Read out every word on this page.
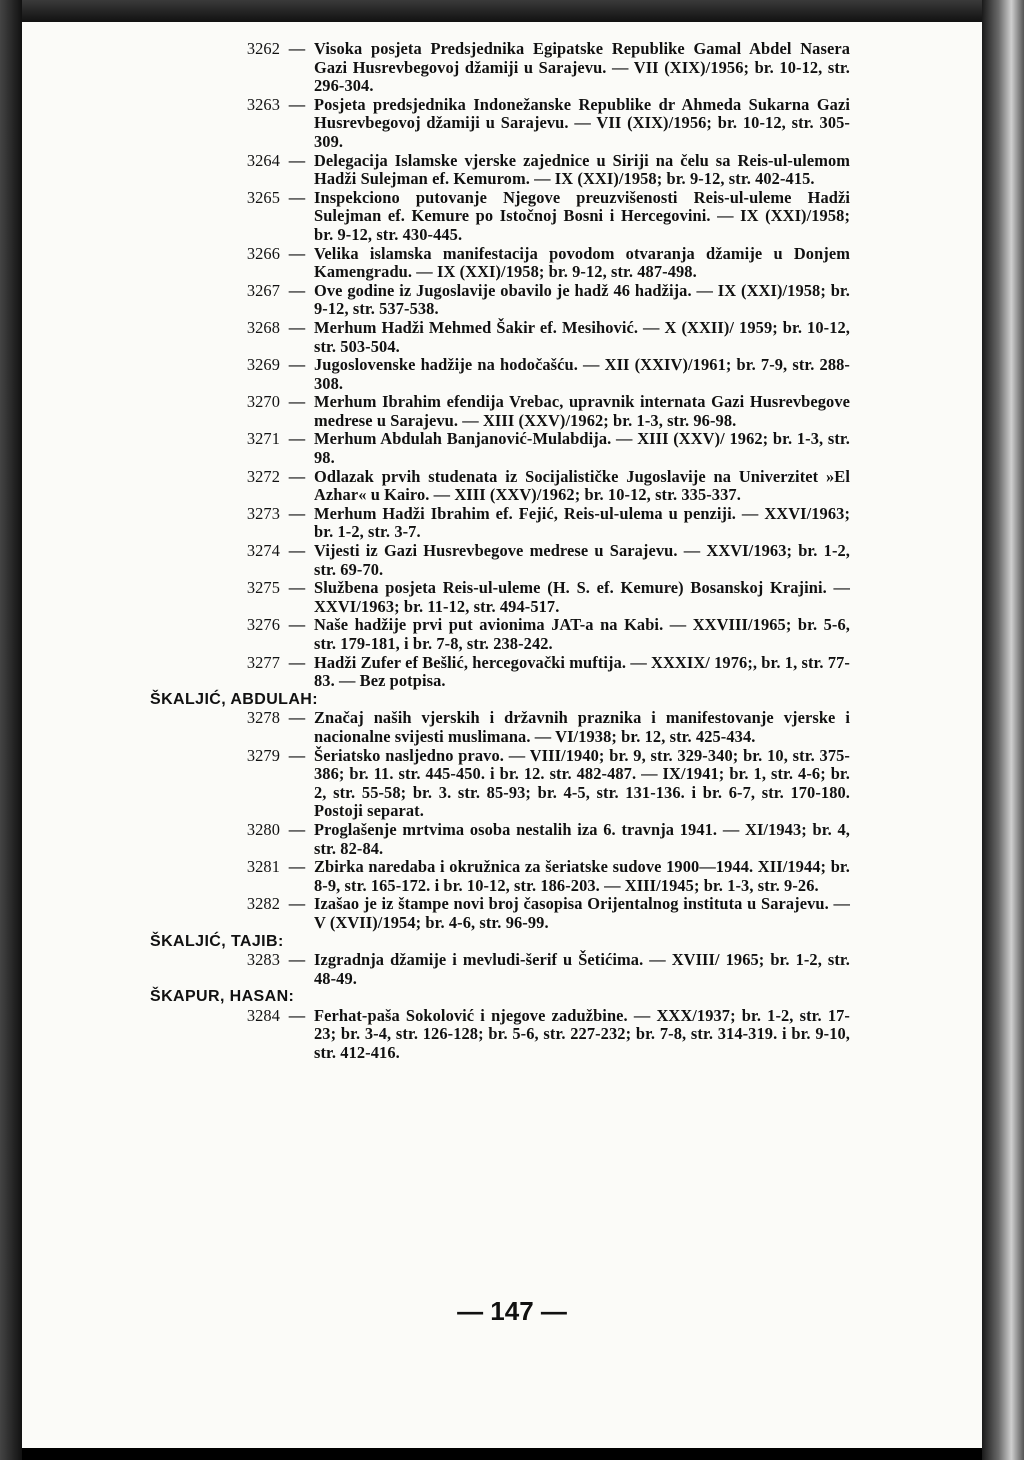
3262 — Visoka posjeta Predsjednika Egipatske Republike Gamal Abdel Nasera Gazi Husrevbegovoj džamiji u Sarajevu. — VII (XIX)/1956; br. 10-12, str. 296-304.
3263 — Posjeta predsjednika Indonežanske Republike dr Ahmeda Sukarna Gazi Husrevbegovoj džamiji u Sarajevu. — VII (XIX)/1956; br. 10-12, str. 305-309.
3264 — Delegacija Islamske vjerske zajednice u Siriji na čelu sa Reis-ul-ulemom Hadži Sulejman ef. Kemurom. — IX (XXI)/1958; br. 9-12, str. 402-415.
3265 — Inspekciono putovanje Njegove preuzvišenosti Reis-ul-uleme Hadži Sulejman ef. Kemure po Istočnoj Bosni i Hercegovini. — IX (XXI)/1958; br. 9-12, str. 430-445.
3266 — Velika islamska manifestacija povodom otvaranja džamije u Donjem Kamengradu. — IX (XXI)/1958; br. 9-12, str. 487-498.
3267 — Ove godine iz Jugoslavije obavilo je hadž 46 hadžija. — IX (XXI)/1958; br. 9-12, str. 537-538.
3268 — Merhum Hadži Mehmed Šakir ef. Mesihović. — X (XXII)/ 1959; br. 10-12, str. 503-504.
3269 — Jugoslovenske hadžije na hodočašću. — XII (XXIV)/1961; br. 7-9, str. 288-308.
3270 — Merhum Ibrahim efendija Vrebac, upravnik internata Gazi Husrevbegove medrese u Sarajevu. — XIII (XXV)/1962; br. 1-3, str. 96-98.
3271 — Merhum Abdulah Banjanović-Mulabdija. — XIII (XXV)/ 1962; br. 1-3, str. 98.
3272 — Odlazak prvih studenata iz Socijalističke Jugoslavije na Univerzitet »El Azhar« u Kairo. — XIII (XXV)/1962; br. 10-12, str. 335-337.
3273 — Merhum Hadži Ibrahim ef. Fejić, Reis-ul-ulema u penziji. — XXVI/1963; br. 1-2, str. 3-7.
3274 — Vijesti iz Gazi Husrevbegove medrese u Sarajevu. — XXVI/1963; br. 1-2, str. 69-70.
3275 — Službena posjeta Reis-ul-uleme (H. S. ef. Kemure) Bosanskoj Krajini. — XXVI/1963; br. 11-12, str. 494-517.
3276 — Naše hadžije prvi put avionima JAT-a na Kabi. — XXVIII/1965; br. 5-6, str. 179-181, i br. 7-8, str. 238-242.
3277 — Hadži Zufer ef Bešlić, hercegovački muftija. — XXXIX/ 1976;, br. 1, str. 77-83. — Bez potpisa.
ŠKALJIĆ, ABDULAH:
3278 — Značaj naših vjerskih i državnih praznika i manifestovanje vjerske i nacionalne svijesti muslimana. — VI/1938; br. 12, str. 425-434.
3279 — Šeriatsko nasljedno pravo. — VIII/1940; br. 9, str. 329-340; br. 10, str. 375-386; br. 11. str. 445-450. i br. 12. str. 482-487. — IX/1941; br. 1, str. 4-6; br. 2, str. 55-58; br. 3. str. 85-93; br. 4-5, str. 131-136. i br. 6-7, str. 170-180. Postoji separat.
3280 — Proglašenje mrtvima osoba nestalih iza 6. travnja 1941. — XI/1943; br. 4, str. 82-84.
3281 — Zbirka naredaba i okružnica za šeriatske sudove 1900—1944. XII/1944; br. 8-9, str. 165-172. i br. 10-12, str. 186-203. — XIII/1945; br. 1-3, str. 9-26.
3282 — Izašao je iz štampe novi broj časopisa Orijentalnog instituta u Sarajevu. — V (XVII)/1954; br. 4-6, str. 96-99.
ŠKALJIĆ, TAJIB:
3283 — Izgradnja džamije i mevludi-šerif u Šetićima. — XVIII/ 1965; br. 1-2, str. 48-49.
ŠKAPUR, HASAN:
3284 — Ferhat-paša Sokolović i njegove zadužbine. — XXX/1937; br. 1-2, str. 17-23; br. 3-4, str. 126-128; br. 5-6, str. 227-232; br. 7-8, str. 314-319. i br. 9-10, str. 412-416.
— 147 —
